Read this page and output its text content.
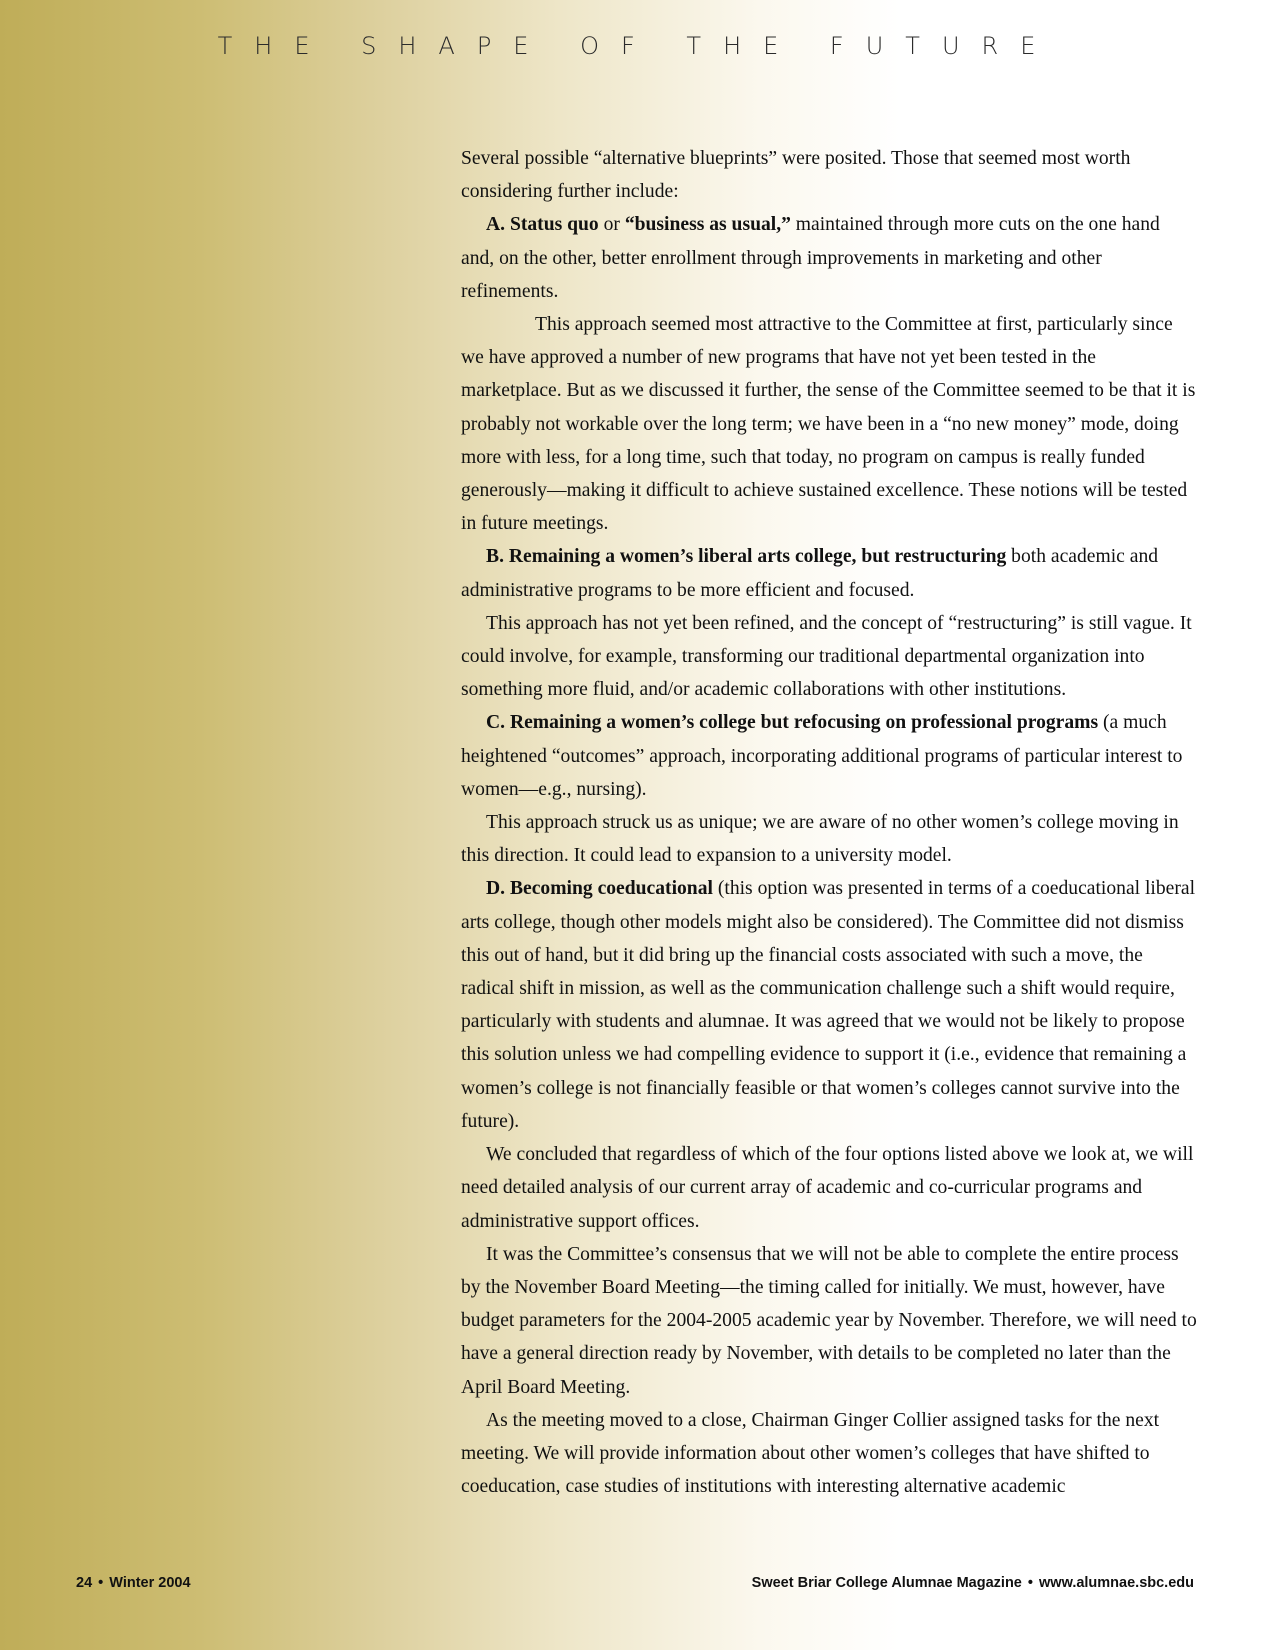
THE SHAPE OF THE FUTURE

Several possible “alternative blueprints” were posited. Those that seemed most worth considering further include:

A. Status quo or “business as usual,” maintained through more cuts on the one hand and, on the other, better enrollment through improvements in marketing and other refinements.

This approach seemed most attractive to the Committee at first, particularly since we have approved a number of new programs that have not yet been tested in the marketplace. But as we discussed it further, the sense of the Committee seemed to be that it is probably not workable over the long term; we have been in a “no new money” mode, doing more with less, for a long time, such that today, no program on campus is really funded generously—making it difficult to achieve sustained excellence. These notions will be tested in future meetings.

B. Remaining a women’s liberal arts college, but restructuring both academic and administrative programs to be more efficient and focused.

This approach has not yet been refined, and the concept of “restructuring” is still vague. It could involve, for example, transforming our traditional departmental organization into something more fluid, and/or academic collaborations with other institutions.

C. Remaining a women’s college but refocusing on professional programs (a much heightened “outcomes” approach, incorporating additional programs of particular interest to women—e.g., nursing).

This approach struck us as unique; we are aware of no other women’s college moving in this direction. It could lead to expansion to a university model.

D. Becoming coeducational (this option was presented in terms of a coeducational liberal arts college, though other models might also be considered). The Committee did not dismiss this out of hand, but it did bring up the financial costs associated with such a move, the radical shift in mission, as well as the communication challenge such a shift would require, particularly with students and alumnae. It was agreed that we would not be likely to propose this solution unless we had compelling evidence to support it (i.e., evidence that remaining a women’s college is not financially feasible or that women’s colleges cannot survive into the future).

We concluded that regardless of which of the four options listed above we look at, we will need detailed analysis of our current array of academic and co-curricular programs and administrative support offices.

It was the Committee’s consensus that we will not be able to complete the entire process by the November Board Meeting—the timing called for initially. We must, however, have budget parameters for the 2004-2005 academic year by November. Therefore, we will need to have a general direction ready by November, with details to be completed no later than the April Board Meeting.

As the meeting moved to a close, Chairman Ginger Collier assigned tasks for the next meeting. We will provide information about other women’s colleges that have shifted to coeducation, case studies of institutions with interesting alternative academic

24 • Winter 2004	Sweet Briar College Alumnae Magazine • www.alumnae.sbc.edu
